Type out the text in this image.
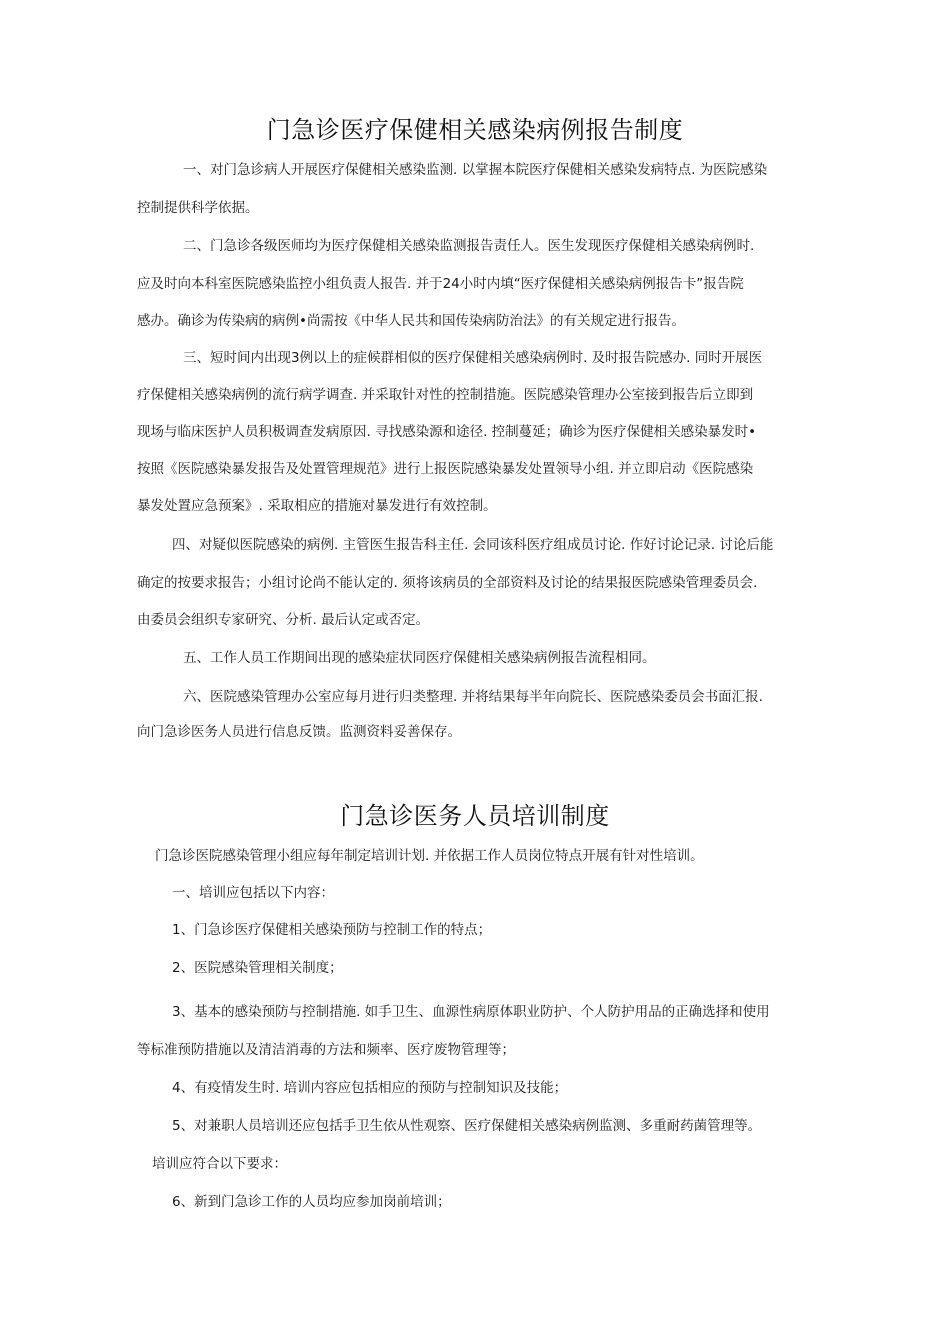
门急诊医疗保健相关感染病例报告制度

一、对门急诊病人开展医疗保健相关感染监测. 以掌握本院医疗保健相关感染发病特点. 为医院感染

控制提供科学依据。

二、门急诊各级医师均为医疗保健相关感染监测报告责任人。医生发现医疗保健相关感染病例时.

应及时向本科室医院感染监控小组负责人报告. 并于24小时内填“医疗保健相关感染病例报告卡”报告院

感办。确诊为传染病的病例•尚需按《中华人民共和国传染病防治法》的有关规定进行报告。

三、短时间内出现3例以上的症候群相似的医疗保健相关感染病例时. 及时报告院感办. 同时开展医

疗保健相关感染病例的流行病学调查. 并采取针对性的控制措施。医院感染管理办公室接到报告后立即到

现场与临床医护人员积极调查发病原因. 寻找感染源和途径. 控制蔓延；确诊为医疗保健相关感染暴发时•

按照《医院感染暴发报告及处置管理规范》进行上报医院感染暴发处置领导小组. 并立即启动《医院感染

暴发处置应急预案》. 采取相应的措施对暴发进行有效控制。

四、对疑似医院感染的病例. 主管医生报告科主任. 会同该科医疗组成员讨论. 作好讨论记录. 讨论后能

确定的按要求报告；小组讨论尚不能认定的. 须将该病员的全部资料及讨论的结果报医院感染管理委员会.

由委员会组织专家研究、分析. 最后认定或否定。

五、工作人员工作期间出现的感染症状同医疗保健相关感染病例报告流程相同。

六、医院感染管理办公室应每月进行归类整理. 并将结果每半年向院长、医院感染委员会书面汇报.

向门急诊医务人员进行信息反馈。监测资料妥善保存。

门急诊医务人员培训制度

门急诊医院感染管理小组应每年制定培训计划. 并依据工作人员岗位特点开展有针对性培训。

一、培训应包括以下内容：

1、门急诊医疗保健相关感染预防与控制工作的特点；

2、医院感染管理相关制度；

3、基本的感染预防与控制措施. 如手卫生、血源性病原体职业防护、个人防护用品的正确选择和使用

等标准预防措施以及清洁消毒的方法和频率、医疗废物管理等；

4、有疫情发生时. 培训内容应包括相应的预防与控制知识及技能；

5、对兼职人员培训还应包括手卫生依从性观察、医疗保健相关感染病例监测、多重耐药菌管理等。

培训应符合以下要求：

6、新到门急诊工作的人员均应参加岗前培训；
